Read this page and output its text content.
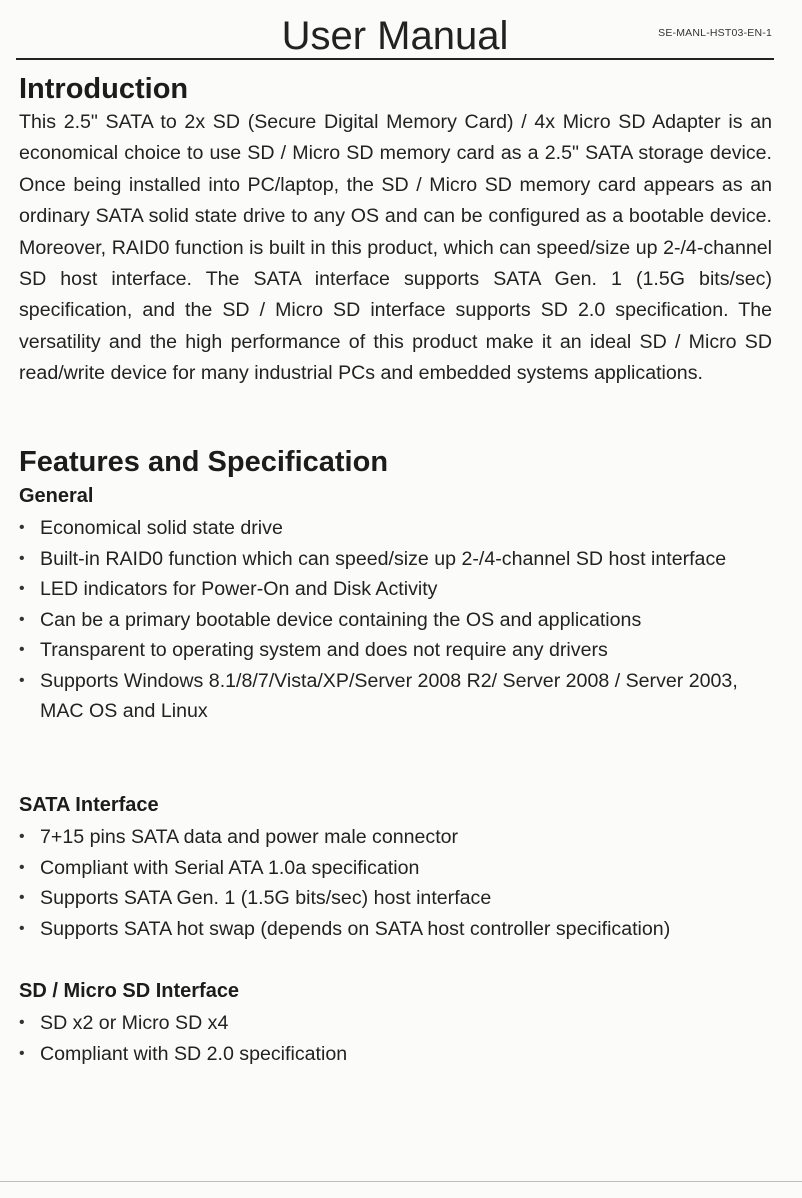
User Manual	SE-MANL-HST03-EN-1
Introduction

This 2.5" SATA to 2x SD (Secure Digital Memory Card) / 4x Micro SD Adapter is an economical choice to use SD / Micro SD memory card as a 2.5" SATA storage device. Once being installed into PC/laptop, the SD / Micro SD memory card appears as an ordinary SATA solid state drive to any OS and can be configured as a bootable device. Moreover, RAID0 function is built in this product, which can speed/size up 2-/4-channel SD host interface. The SATA interface supports SATA Gen. 1 (1.5G bits/sec) specification, and the SD / Micro SD interface supports SD 2.0 specification. The versatility and the high performance of this product make it an ideal SD / Micro SD read/write device for many industrial PCs and embedded systems applications.

Features and Specification
General
• Economical solid state drive
• Built-in RAID0 function which can speed/size up 2-/4-channel SD host interface
• LED indicators for Power-On and Disk Activity
• Can be a primary bootable device containing the OS and applications
• Transparent to operating system and does not require any drivers
• Supports Windows 8.1/8/7/Vista/XP/Server 2008 R2/ Server 2008 / Server 2003, MAC OS and Linux
SATA Interface
• 7+15 pins SATA data and power male connector
• Compliant with Serial ATA 1.0a specification
• Supports SATA Gen. 1 (1.5G bits/sec) host interface
• Supports SATA hot swap (depends on SATA host controller specification)
SD / Micro SD Interface
• SD x2 or Micro SD x4
• Compliant with SD 2.0 specification
